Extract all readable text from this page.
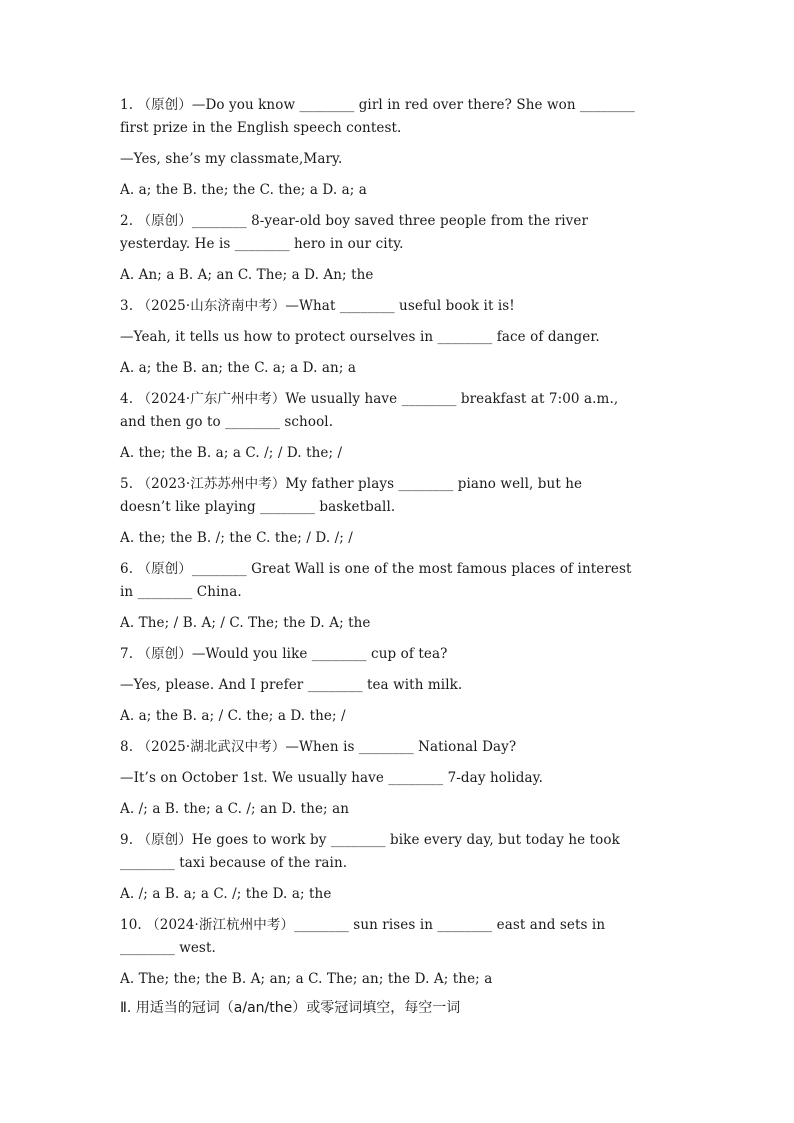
1. （原创）—Do you know ________ girl in red over there? She won ________
first prize in the English speech contest.
—Yes, she’s my classmate,Mary.
A. a; the B. the; the C. the; a D. a; a
2. （原创）________ 8-year-old boy saved three people from the river
yesterday. He is ________ hero in our city.
A. An; a B. A; an C. The; a D. An; the
3. （2025·山东济南中考）—What ________ useful book it is!
—Yeah, it tells us how to protect ourselves in ________ face of danger.
A. a; the B. an; the C. a; a D. an; a
4. （2024·广东广州中考）We usually have ________ breakfast at 7:00 a.m.,
and then go to ________ school.
A. the; the B. a; a C. /; / D. the; /
5. （2023·江苏苏州中考）My father plays ________ piano well, but he
doesn’t like playing ________ basketball.
A. the; the B. /; the C. the; / D. /; /
6. （原创）________ Great Wall is one of the most famous places of interest
in ________ China.
A. The; / B. A; / C. The; the D. A; the
7. （原创）—Would you like ________ cup of tea?
—Yes, please. And I prefer ________ tea with milk.
A. a; the B. a; / C. the; a D. the; /
8. （2025·湖北武汉中考）—When is ________ National Day?
—It’s on October 1st. We usually have ________ 7-day holiday.
A. /; a B. the; a C. /; an D. the; an
9. （原创）He goes to work by ________ bike every day, but today he took
________ taxi because of the rain.
A. /; a B. a; a C. /; the D. a; the
10. （2024·浙江杭州中考）________ sun rises in ________ east and sets in
________ west.
A. The; the; the B. A; an; a C. The; an; the D. A; the; a
Ⅱ. 用适当的冠词（a/an/the）或零冠词填空，每空一词
